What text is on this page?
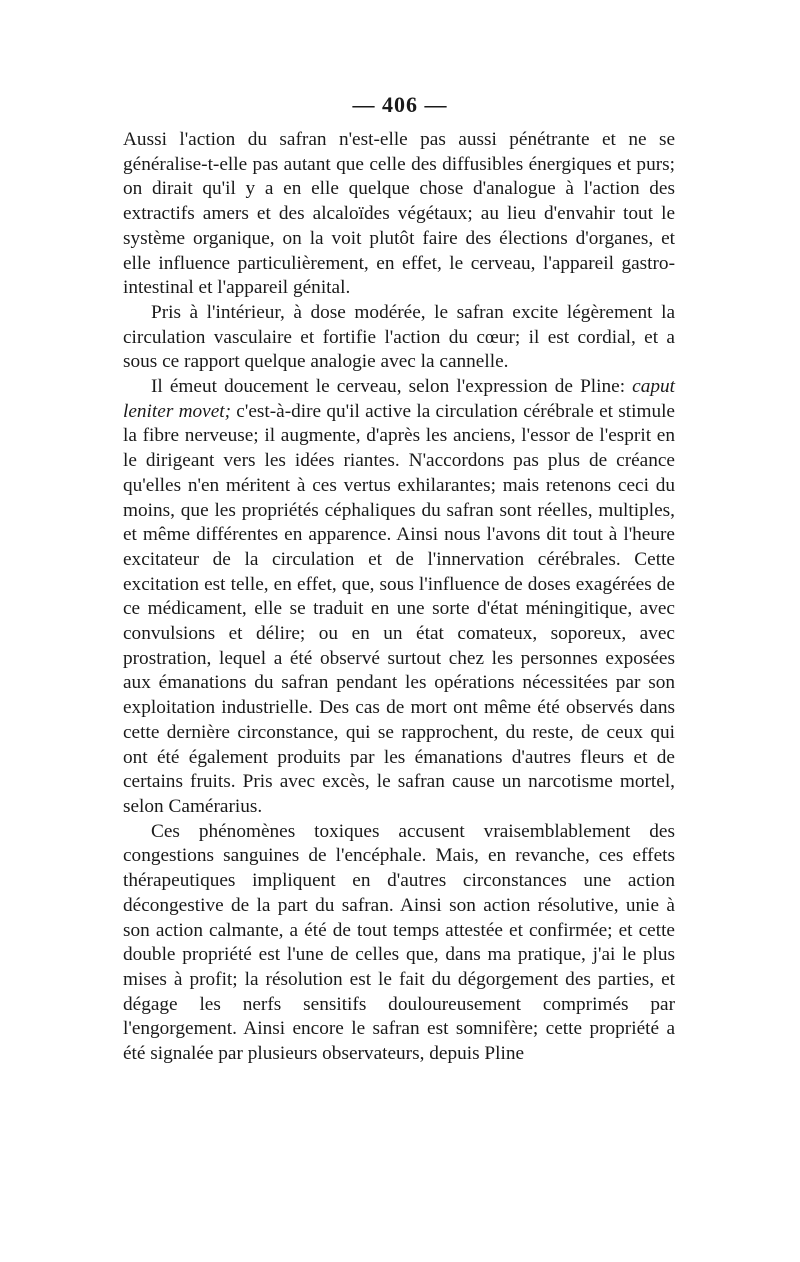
— 406 —

Aussi l'action du safran n'est-elle pas aussi pénétrante et ne se généralise-t-elle pas autant que celle des diffusibles énergiques et purs; on dirait qu'il y a en elle quelque chose d'analogue à l'action des extractifs amers et des alcaloïdes végétaux; au lieu d'envahir tout le système organique, on la voit plutôt faire des élections d'organes, et elle influence particulièrement, en effet, le cerveau, l'appareil gastro-intestinal et l'appareil génital.

Pris à l'intérieur, à dose modérée, le safran excite légèrement la circulation vasculaire et fortifie l'action du cœur; il est cordial, et a sous ce rapport quelque analogie avec la cannelle.

Il émeut doucement le cerveau, selon l'expression de Pline: caput leniter movet; c'est-à-dire qu'il active la circulation cérébrale et stimule la fibre nerveuse; il augmente, d'après les anciens, l'essor de l'esprit en le dirigeant vers les idées riantes. N'accordons pas plus de créance qu'elles n'en méritent à ces vertus exhilarantes; mais retenons ceci du moins, que les propriétés céphaliques du safran sont réelles, multiples, et même différentes en apparence. Ainsi nous l'avons dit tout à l'heure excitateur de la circulation et de l'innervation cérébrales. Cette excitation est telle, en effet, que, sous l'influence de doses exagérées de ce médicament, elle se traduit en une sorte d'état méningitique, avec convulsions et délire; ou en un état comateux, soporeux, avec prostration, lequel a été observé surtout chez les personnes exposées aux émanations du safran pendant les opérations nécessitées par son exploitation industrielle. Des cas de mort ont même été observés dans cette dernière circonstance, qui se rapprochent, du reste, de ceux qui ont été également produits par les émanations d'autres fleurs et de certains fruits. Pris avec excès, le safran cause un narcotisme mortel, selon Camérarius.

Ces phénomènes toxiques accusent vraisemblablement des congestions sanguines de l'encéphale. Mais, en revanche, ces effets thérapeutiques impliquent en d'autres circonstances une action décongestive de la part du safran. Ainsi son action résolutive, unie à son action calmante, a été de tout temps attestée et confirmée; et cette double propriété est l'une de celles que, dans ma pratique, j'ai le plus mises à profit; la résolution est le fait du dégorgement des parties, et dégage les nerfs sensitifs douloureusement comprimés par l'engorgement. Ainsi encore le safran est somnifère; cette propriété a été signalée par plusieurs observateurs, depuis Pline
